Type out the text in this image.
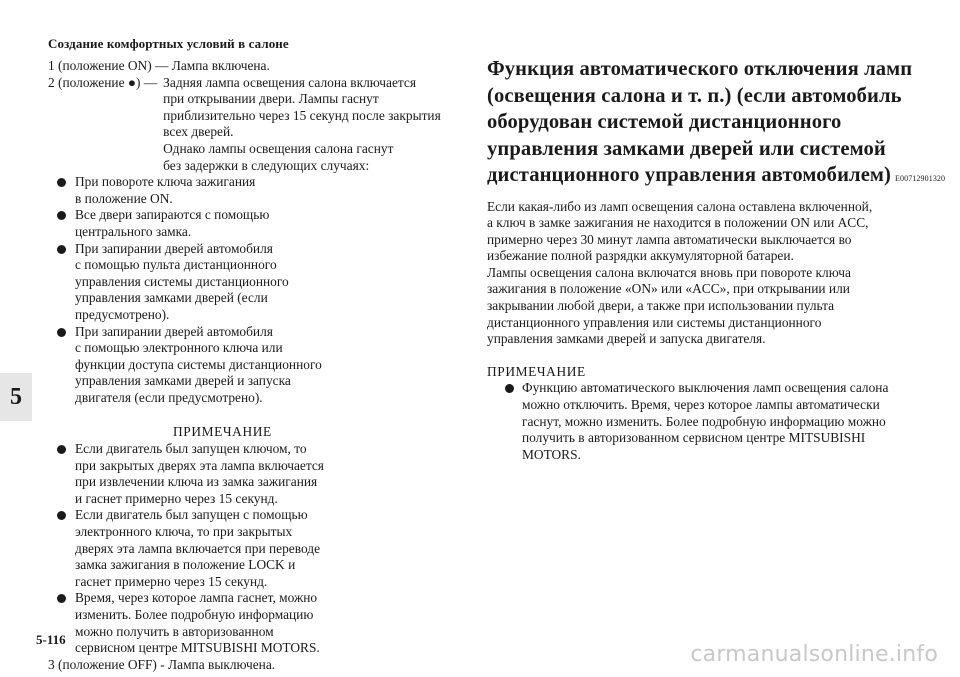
Создание комфортных условий в салоне
5
5-116
1 (положение ON) — Лампа включена.
2 (положение ●) — Задняя лампа освещения салона включается
при открывании двери. Лампы гаснут
приблизительно через 15 секунд после закрытия
всех дверей.
Однако лампы освещения салона гаснут
без задержки в следующих случаях:
При повороте ключа зажигания
в положение ON.
Все двери запираются с помощью
центрального замка.
При запирании дверей автомобиля
с помощью пульта дистанционного
управления системы дистанционного
управления замками дверей (если
предусмотрено).
При запирании дверей автомобиля
с помощью электронного ключа или
функции доступа системы дистанционного
управления замками дверей и запуска
двигателя (если предусмотрено).
ПРИМЕЧАНИЕ
Если двигатель был запущен ключом, то
при закрытых дверях эта лампа включается
при извлечении ключа из замка зажигания
и гаснет примерно через 15 секунд.
Если двигатель был запущен с помощью
электронного ключа, то при закрытых
дверях эта лампа включается при переводе
замка зажигания в положение LOCK и
гаснет примерно через 15 секунд.
Время, через которое лампа гаснет, можно
изменить. Более подробную информацию
можно получить в авторизованном
сервисном центре MITSUBISHI MOTORS.
3 (положение OFF) - Лампа выключена.
Функция автоматического отключения ламп
(освещения салона и т. п.) (если автомобиль
оборудован системой дистанционного
управления замками дверей или системой
дистанционного управления автомобилем) E00712901320
Если какая-либо из ламп освещения салона оставлена включенной,
а ключ в замке зажигания не находится в положении ON или ACC,
примерно через 30 минут лампа автоматически выключается во
избежание полной разрядки аккумуляторной батареи.
Лампы освещения салона включатся вновь при повороте ключа
зажигания в положение «ON» или «ACC», при открывании или
закрывании любой двери, а также при использовании пульта
дистанционного управления или системы дистанционного
управления замками дверей и запуска двигателя.
ПРИМЕЧАНИЕ
Функцию автоматического выключения ламп освещения салона
можно отключить. Время, через которое лампы автоматически
гаснут, можно изменить. Более подробную информацию можно
получить в авторизованном сервисном центре MITSUBISHI
MOTORS.
carmanualsonline.info
